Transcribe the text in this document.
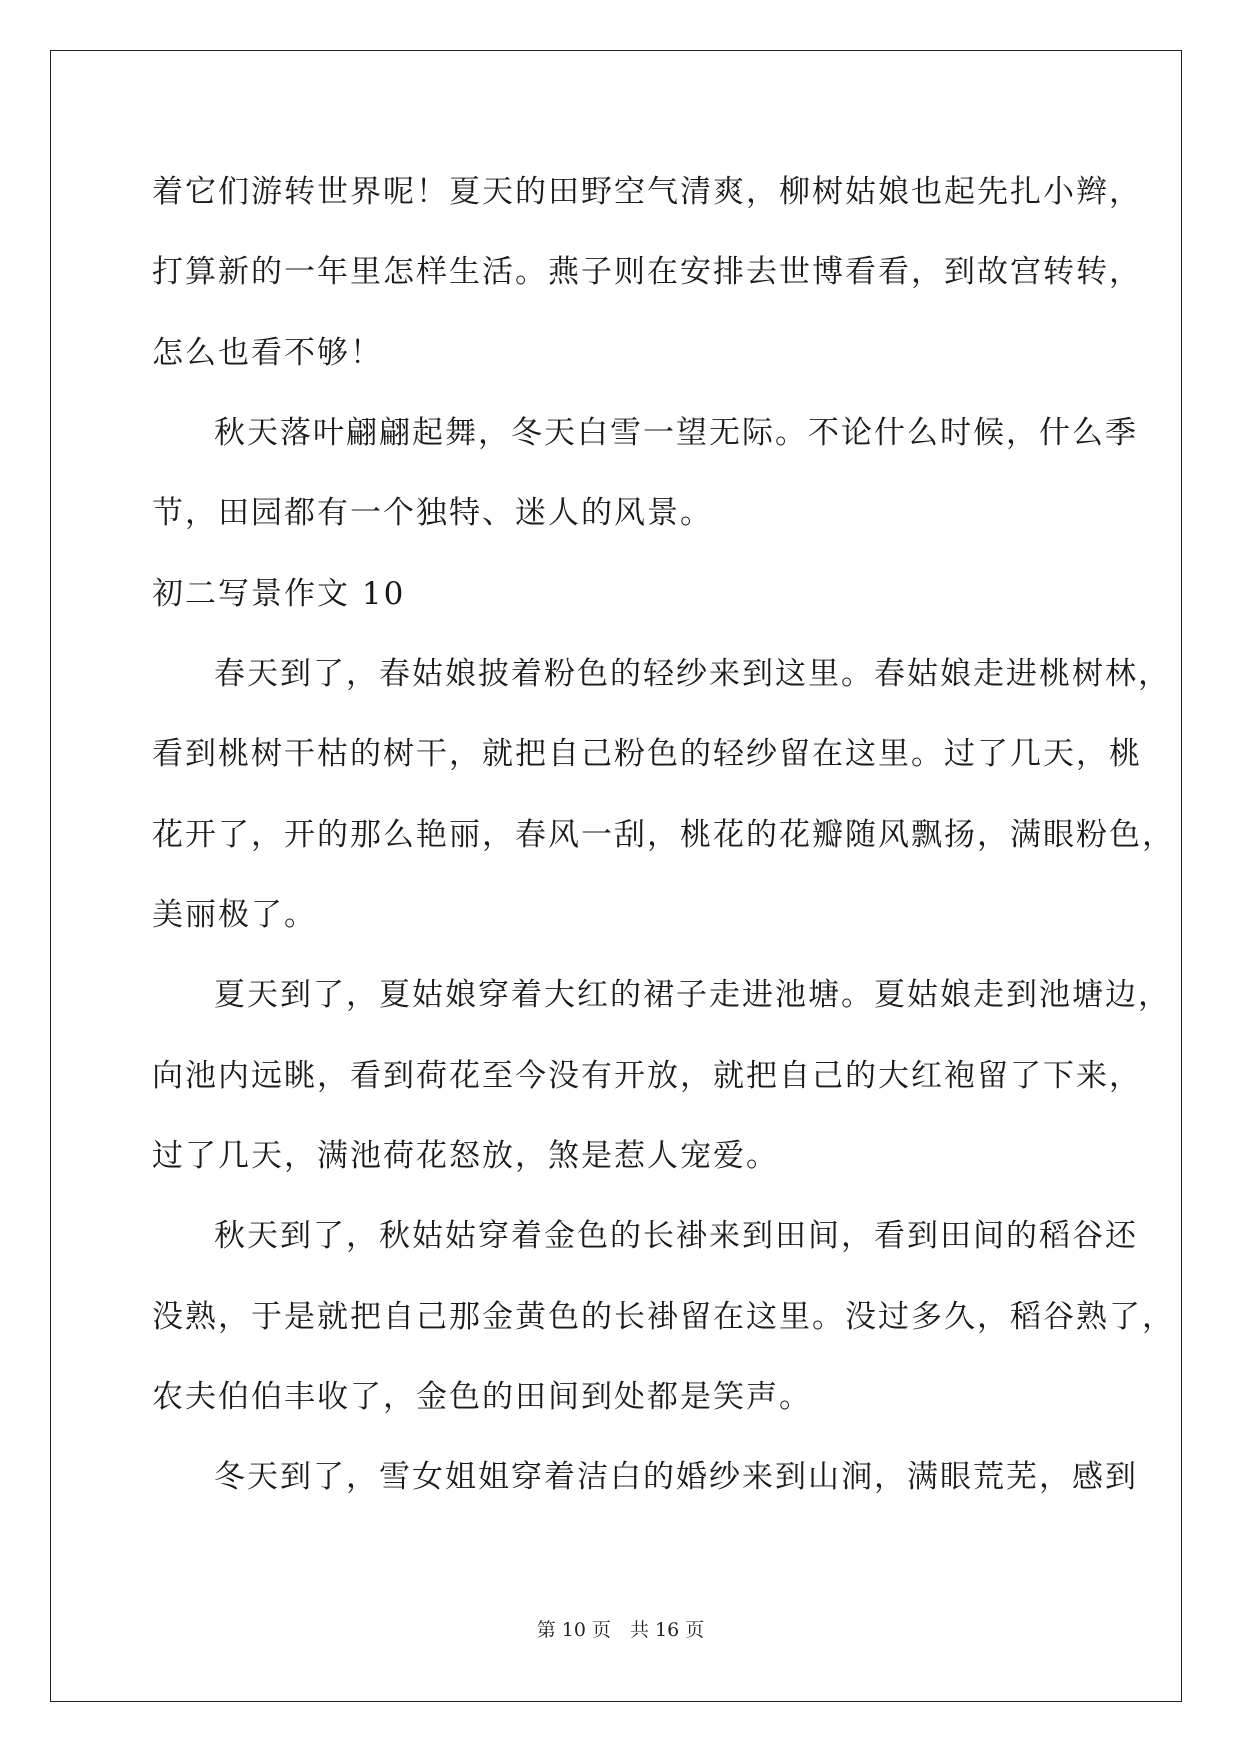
着它们游转世界呢！夏天的田野空气清爽，柳树姑娘也起先扎小辫，
打算新的一年里怎样生活。燕子则在安排去世博看看，到故宫转转，
怎么也看不够！
秋天落叶翩翩起舞，冬天白雪一望无际。不论什么时候，什么季
节，田园都有一个独特、迷人的风景。
初二写景作文 10
春天到了，春姑娘披着粉色的轻纱来到这里。春姑娘走进桃树林，
看到桃树干枯的树干，就把自己粉色的轻纱留在这里。过了几天，桃
花开了，开的那么艳丽，春风一刮，桃花的花瓣随风飘扬，满眼粉色，
美丽极了。
夏天到了，夏姑娘穿着大红的裙子走进池塘。夏姑娘走到池塘边，
向池内远眺，看到荷花至今没有开放，就把自己的大红袍留了下来，
过了几天，满池荷花怒放，煞是惹人宠爱。
秋天到了，秋姑姑穿着金色的长褂来到田间，看到田间的稻谷还
没熟，于是就把自己那金黄色的长褂留在这里。没过多久，稻谷熟了，
农夫伯伯丰收了，金色的田间到处都是笑声。
冬天到了，雪女姐姐穿着洁白的婚纱来到山涧，满眼荒芜，感到
第 10 页　共 16 页
